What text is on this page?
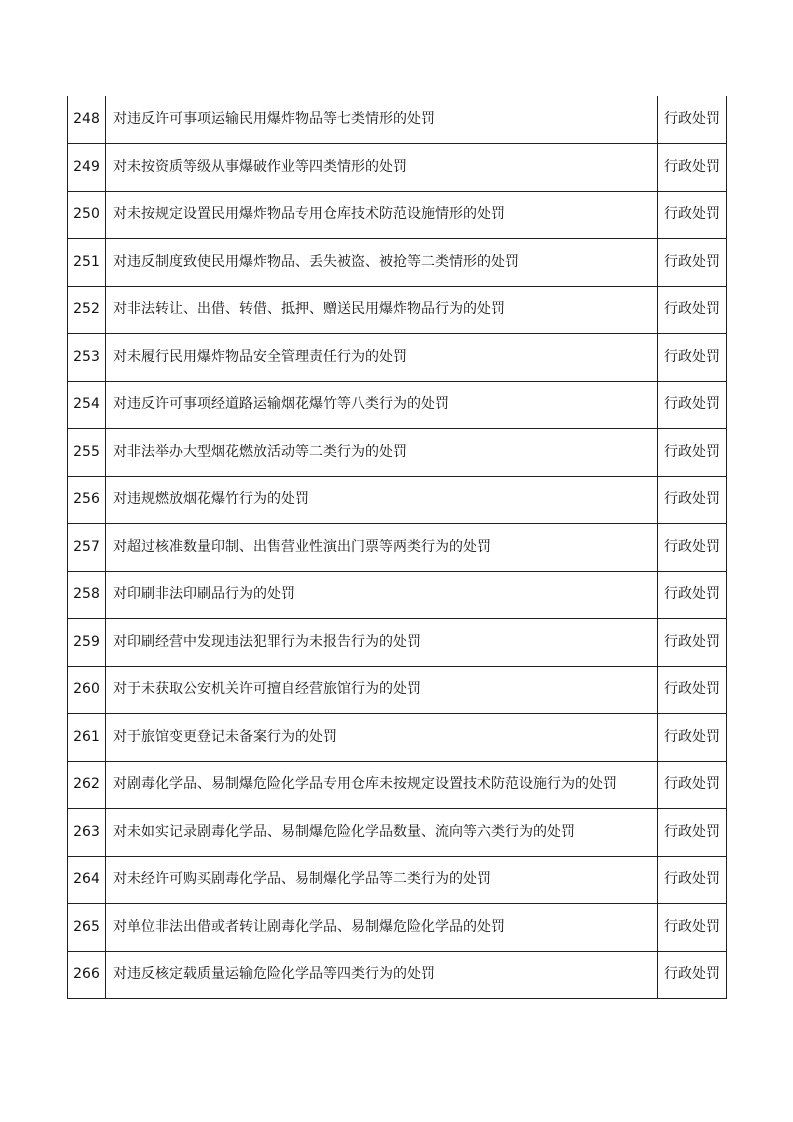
248	对违反许可事项运输民用爆炸物品等七类情形的处罚	行政处罚
249	对未按资质等级从事爆破作业等四类情形的处罚	行政处罚
250	对未按规定设置民用爆炸物品专用仓库技术防范设施情形的处罚	行政处罚
251	对违反制度致使民用爆炸物品、丢失被盗、被抢等二类情形的处罚	行政处罚
252	对非法转让、出借、转借、抵押、赠送民用爆炸物品行为的处罚	行政处罚
253	对未履行民用爆炸物品安全管理责任行为的处罚	行政处罚
254	对违反许可事项经道路运输烟花爆竹等八类行为的处罚	行政处罚
255	对非法举办大型烟花燃放活动等二类行为的处罚	行政处罚
256	对违规燃放烟花爆竹行为的处罚	行政处罚
257	对超过核准数量印制、出售营业性演出门票等两类行为的处罚	行政处罚
258	对印刷非法印刷品行为的处罚	行政处罚
259	对印刷经营中发现违法犯罪行为未报告行为的处罚	行政处罚
260	对于未获取公安机关许可擅自经营旅馆行为的处罚	行政处罚
261	对于旅馆变更登记未备案行为的处罚	行政处罚
262	对剧毒化学品、易制爆危险化学品专用仓库未按规定设置技术防范设施行为的处罚	行政处罚
263	对未如实记录剧毒化学品、易制爆危险化学品数量、流向等六类行为的处罚	行政处罚
264	对未经许可购买剧毒化学品、易制爆化学品等二类行为的处罚	行政处罚
265	对单位非法出借或者转让剧毒化学品、易制爆危险化学品的处罚	行政处罚
266	对违反核定载质量运输危险化学品等四类行为的处罚	行政处罚
